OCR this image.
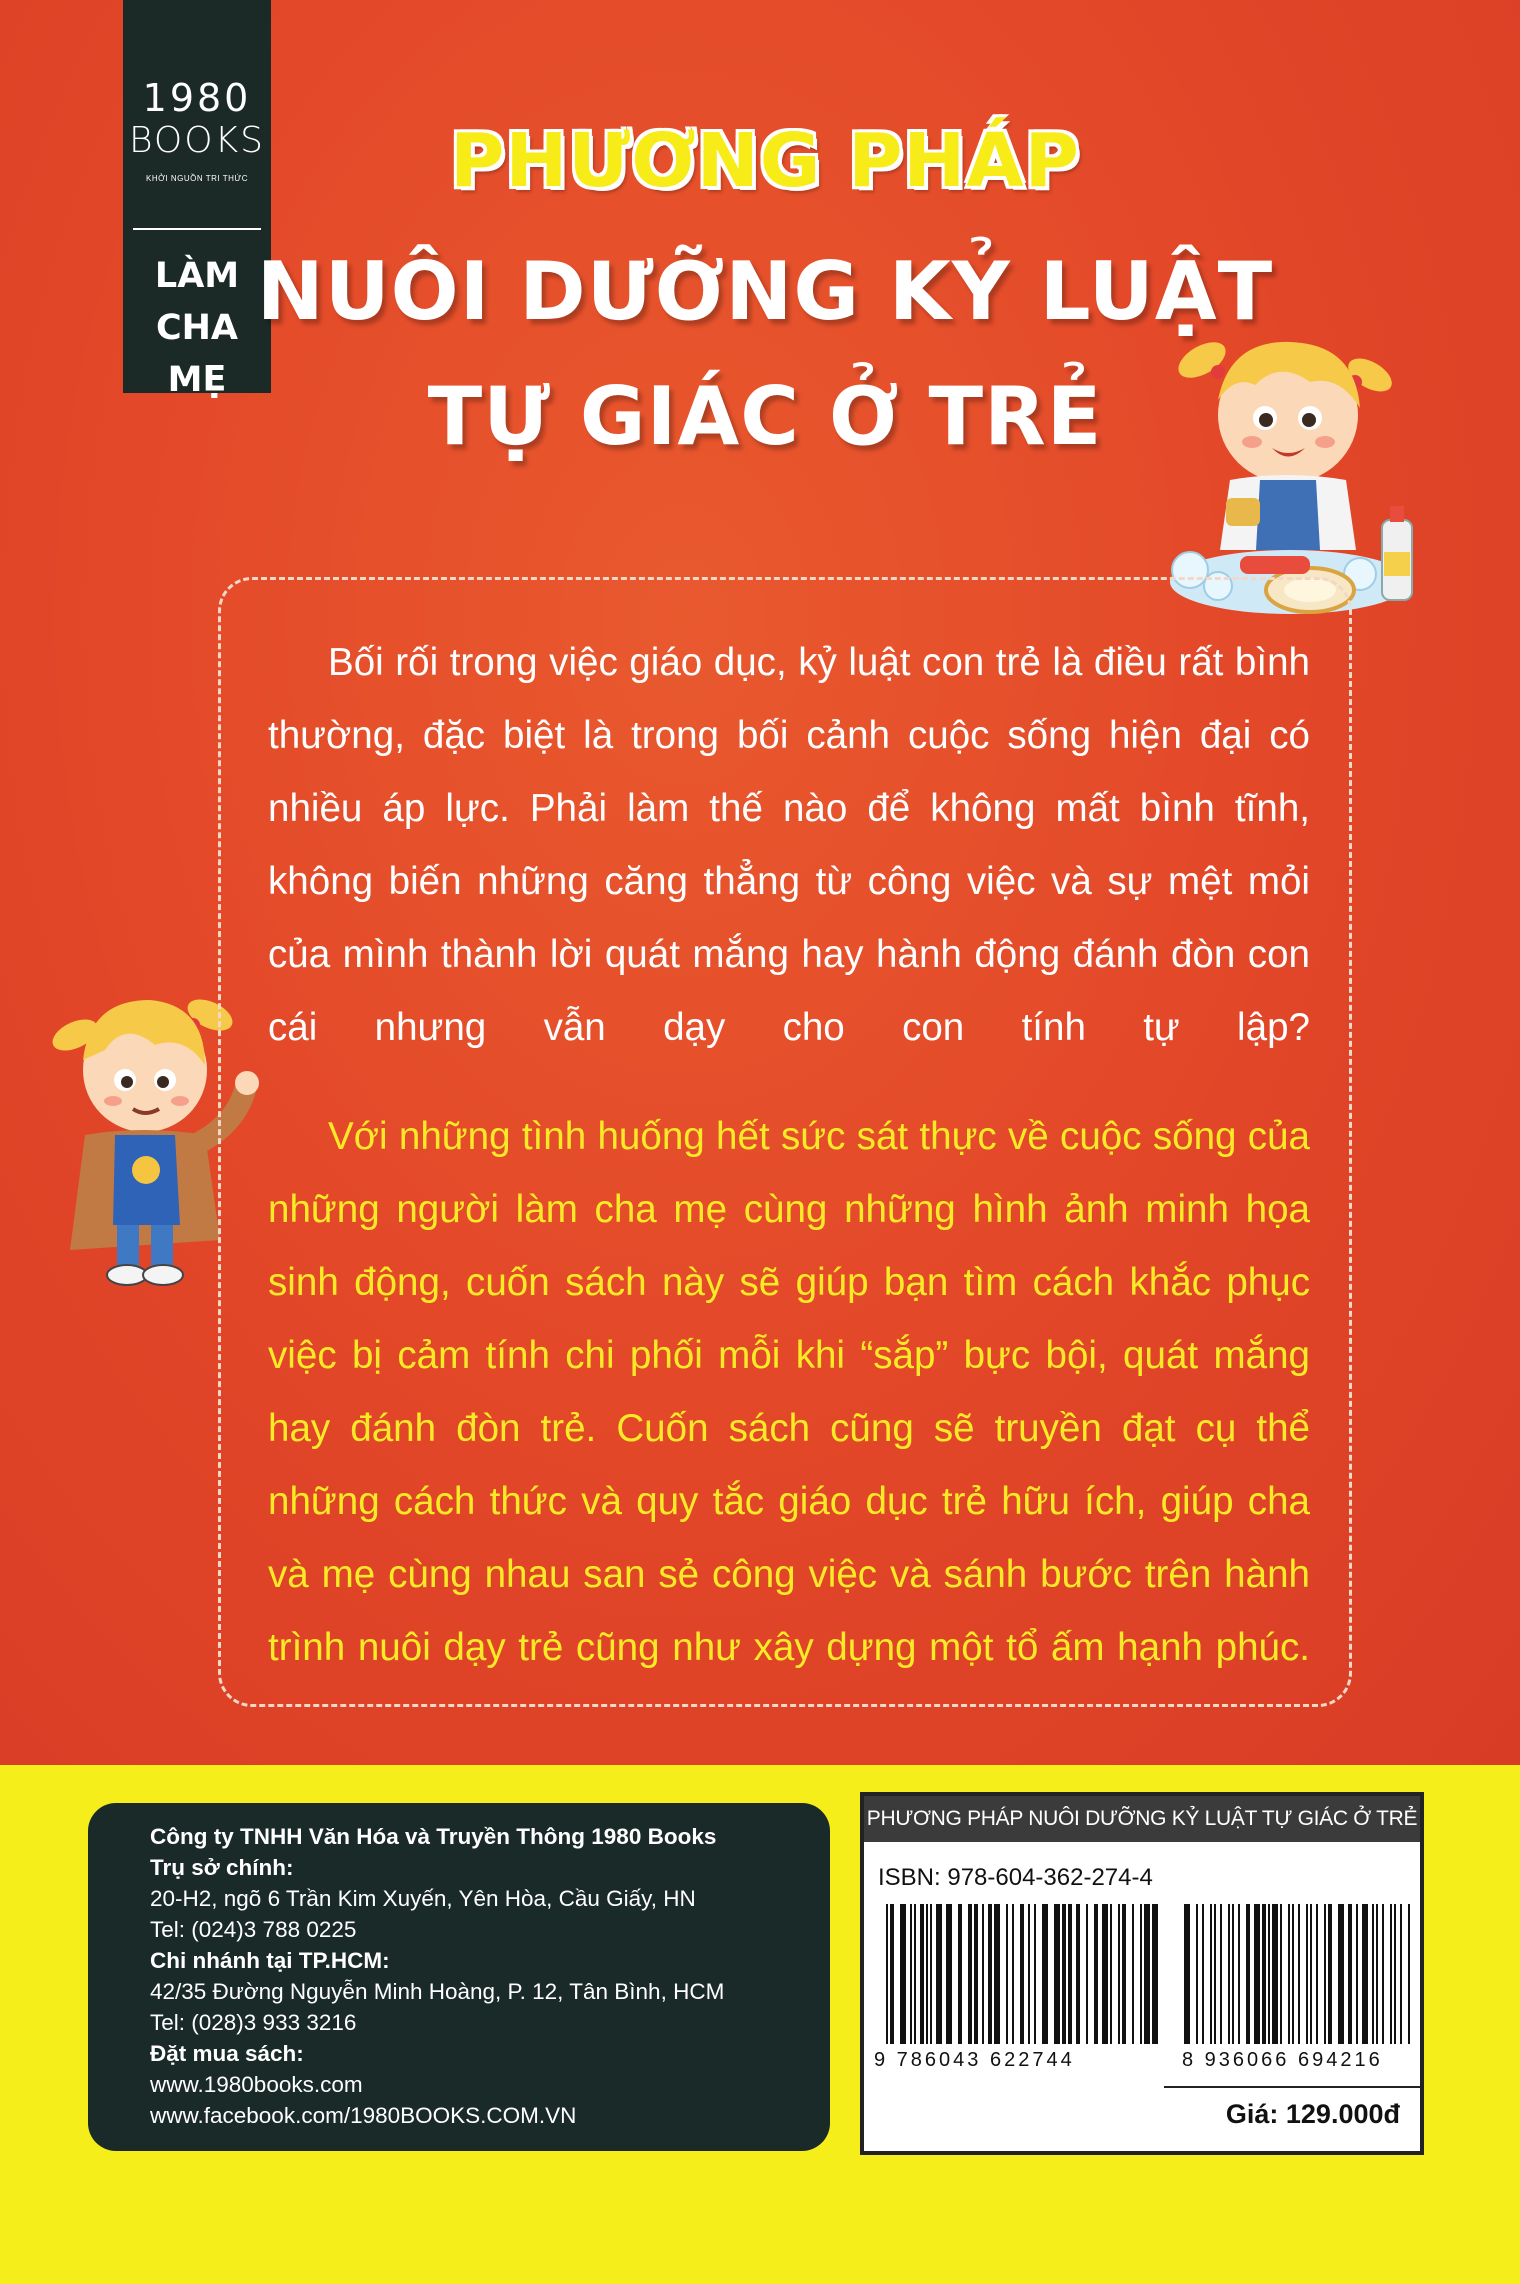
1980
BOOKS
KHỞI NGUỒN TRI THỨC
LÀM
CHA MẸ
PHƯƠNG PHÁP
NUÔI DƯỠNG KỶ LUẬT
TỰ GIÁC Ở TRẺ

Bối rối trong việc giáo dục, kỷ luật con trẻ là điều rất bình thường, đặc biệt là trong bối cảnh cuộc sống hiện đại có nhiều áp lực. Phải làm thế nào để không mất bình tĩnh, không biến những căng thẳng từ công việc và sự mệt mỏi của mình thành lời quát mắng hay hành động đánh đòn con cái nhưng vẫn dạy cho con tính tự lập?

Với những tình huống hết sức sát thực về cuộc sống của những người làm cha mẹ cùng những hình ảnh minh họa sinh động, cuốn sách này sẽ giúp bạn tìm cách khắc phục việc bị cảm tính chi phối mỗi khi “sắp” bực bội, quát mắng hay đánh đòn trẻ. Cuốn sách cũng sẽ truyền đạt cụ thể những cách thức và quy tắc giáo dục trẻ hữu ích, giúp cha và mẹ cùng nhau san sẻ công việc và sánh bước trên hành trình nuôi dạy trẻ cũng như xây dựng một tổ ấm hạnh phúc.

Công ty TNHH Văn Hóa và Truyền Thông 1980 Books
Trụ sở chính:
20-H2, ngõ 6 Trần Kim Xuyến, Yên Hòa, Cầu Giấy, HN
Tel: (024)3 788 0225
Chi nhánh tại TP.HCM:
42/35 Đường Nguyễn Minh Hoàng, P. 12, Tân Bình, HCM
Tel: (028)3 933 3216
Đặt mua sách:
www.1980books.com
www.facebook.com/1980BOOKS.COM.VN
PHƯƠNG PHÁP NUÔI DƯỠNG KỶ LUẬT TỰ GIÁC Ở TRẺ
ISBN: 978-604-362-274-4
9 786043 622744	8 936066 694216
Giá: 129.000đ
